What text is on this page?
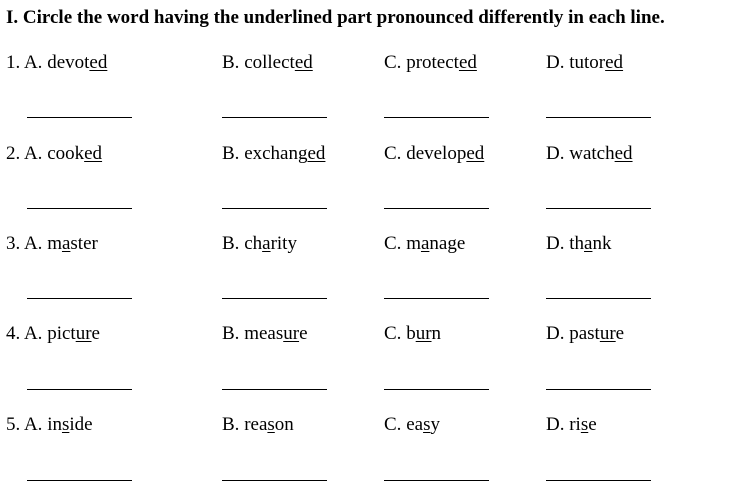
I. Circle the word having the underlined part pronounced differently in each line.
1. A. devoted	B. collected	C. protected	D. tutored
2. A. cooked	B. exchanged	C. developed	D. watched
3. A. master	B. charity	C. manage	D. thank
4. A. picture	B. measure	C. burn	D. pasture
5. A. inside	B. reason	C. easy	D. rise
